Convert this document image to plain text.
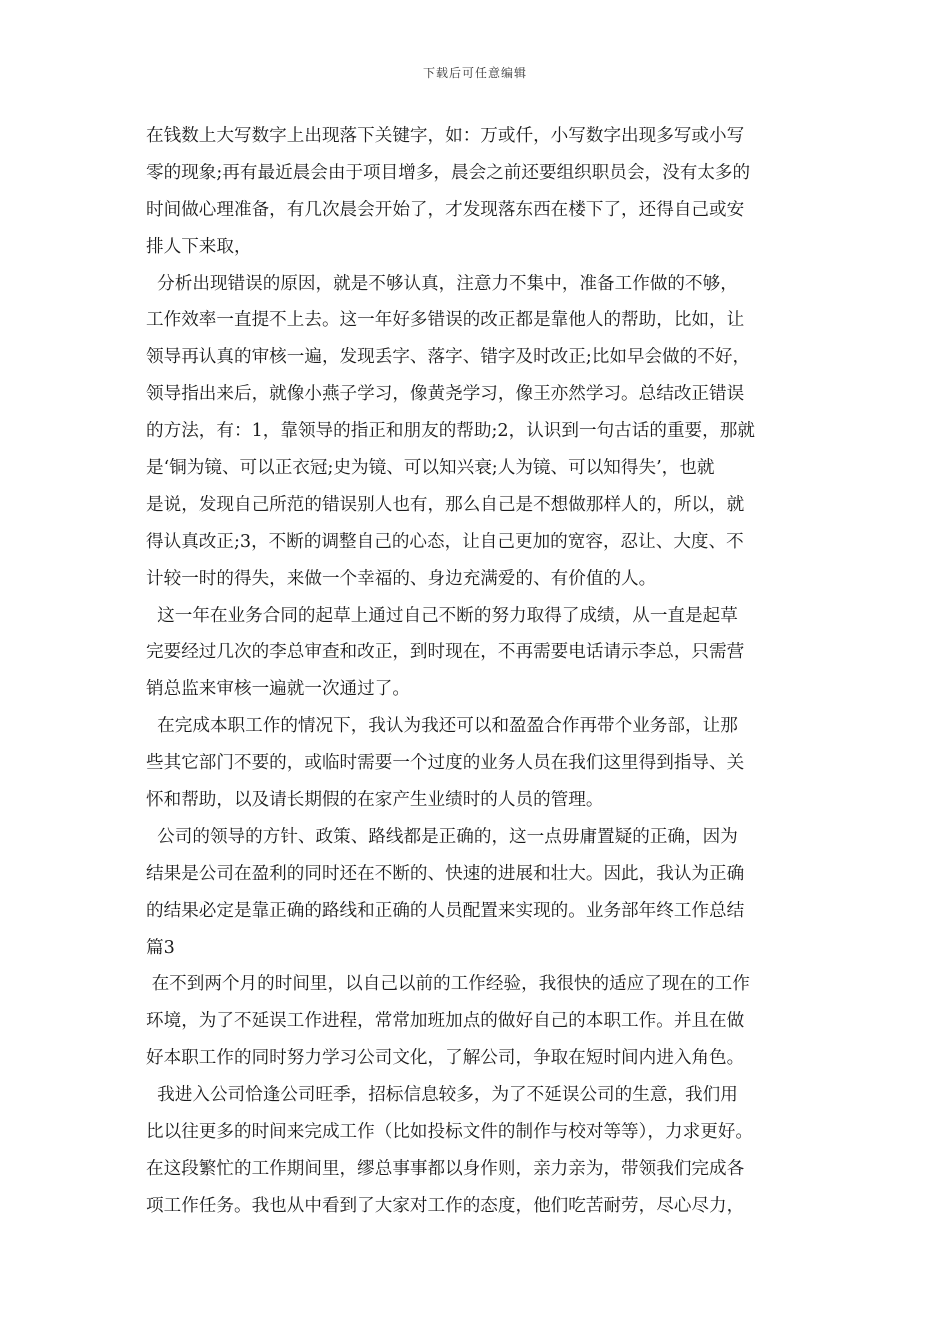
下载后可任意编辑
在钱数上大写数字上出现落下关键字，如：万或仟，小写数字出现多写或小写
零的现象;再有最近晨会由于项目增多，晨会之前还要组织职员会，没有太多的
时间做心理准备，有几次晨会开始了，才发现落东西在楼下了，还得自己或安
排人下来取，
分析出现错误的原因，就是不够认真，注意力不集中，准备工作做的不够，
工作效率一直提不上去。这一年好多错误的改正都是靠他人的帮助，比如，让
领导再认真的审核一遍，发现丢字、落字、错字及时改正;比如早会做的不好，
领导指出来后，就像小燕子学习，像黄尧学习，像王亦然学习。总结改正错误
的方法，有：1，靠领导的指正和朋友的帮助;2，认识到一句古话的重要，那就
是‘铜为镜、可以正衣冠;史为镜、可以知兴衰;人为镜、可以知得失’，也就
是说，发现自己所范的错误别人也有，那么自己是不想做那样人的，所以，就
得认真改正;3，不断的调整自己的心态，让自己更加的宽容，忍让、大度、不
计较一时的得失，来做一个幸福的、身边充满爱的、有价值的人。
这一年在业务合同的起草上通过自己不断的努力取得了成绩，从一直是起草
完要经过几次的李总审查和改正，到时现在，不再需要电话请示李总，只需营
销总监来审核一遍就一次通过了。
在完成本职工作的情况下，我认为我还可以和盈盈合作再带个业务部，让那
些其它部门不要的，或临时需要一个过度的业务人员在我们这里得到指导、关
怀和帮助，以及请长期假的在家产生业绩时的人员的管理。
公司的领导的方针、政策、路线都是正确的，这一点毋庸置疑的正确，因为
结果是公司在盈利的同时还在不断的、快速的进展和壮大。因此，我认为正确
的结果必定是靠正确的路线和正确的人员配置来实现的。业务部年终工作总结
篇3
在不到两个月的时间里，以自己以前的工作经验，我很快的适应了现在的工作
环境，为了不延误工作进程，常常加班加点的做好自己的本职工作。并且在做
好本职工作的同时努力学习公司文化，了解公司，争取在短时间内进入角色。
我进入公司恰逢公司旺季，招标信息较多，为了不延误公司的生意，我们用
比以往更多的时间来完成工作（比如投标文件的制作与校对等等），力求更好。
在这段繁忙的工作期间里，缪总事事都以身作则，亲力亲为，带领我们完成各
项工作任务。我也从中看到了大家对工作的态度，他们吃苦耐劳，尽心尽力，
